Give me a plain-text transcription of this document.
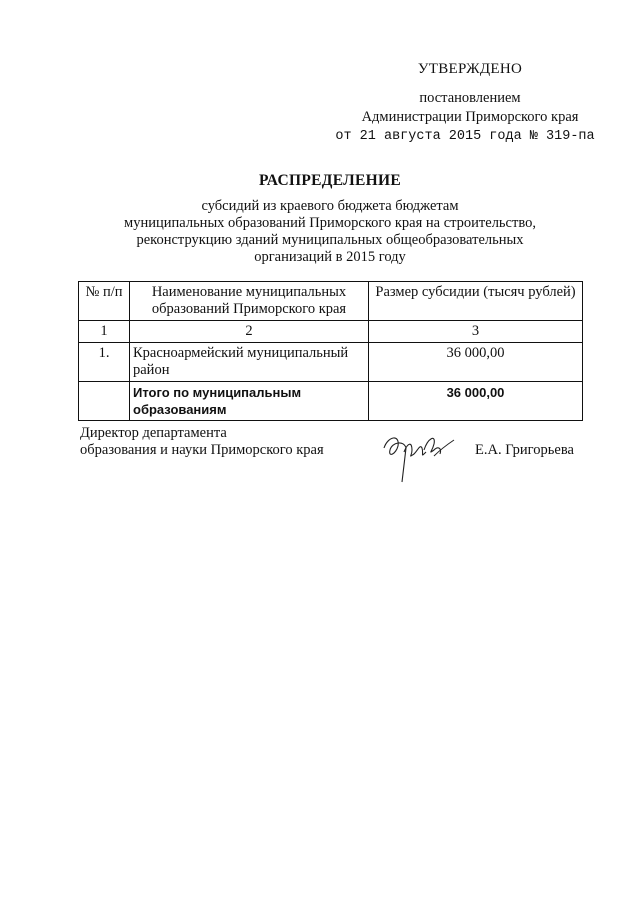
УТВЕРЖДЕНО
постановлением
Администрации Приморского края
от 21 августа 2015 года № 319-па
РАСПРЕДЕЛЕНИЕ
субсидий из краевого бюджета бюджетам
муниципальных образований Приморского края на строительство,
реконструкцию зданий муниципальных общеобразовательных
организаций в 2015 году
№ п/п	Наименование муниципальных образований Приморского края	Размер субсидии (тысяч рублей)
1	2	3
1.	Красноармейский муниципальный район	36 000,00
	Итого по муниципальным образованиям	36 000,00
Директор департамента
образования и науки Приморского края	Е.А. Григорьева
